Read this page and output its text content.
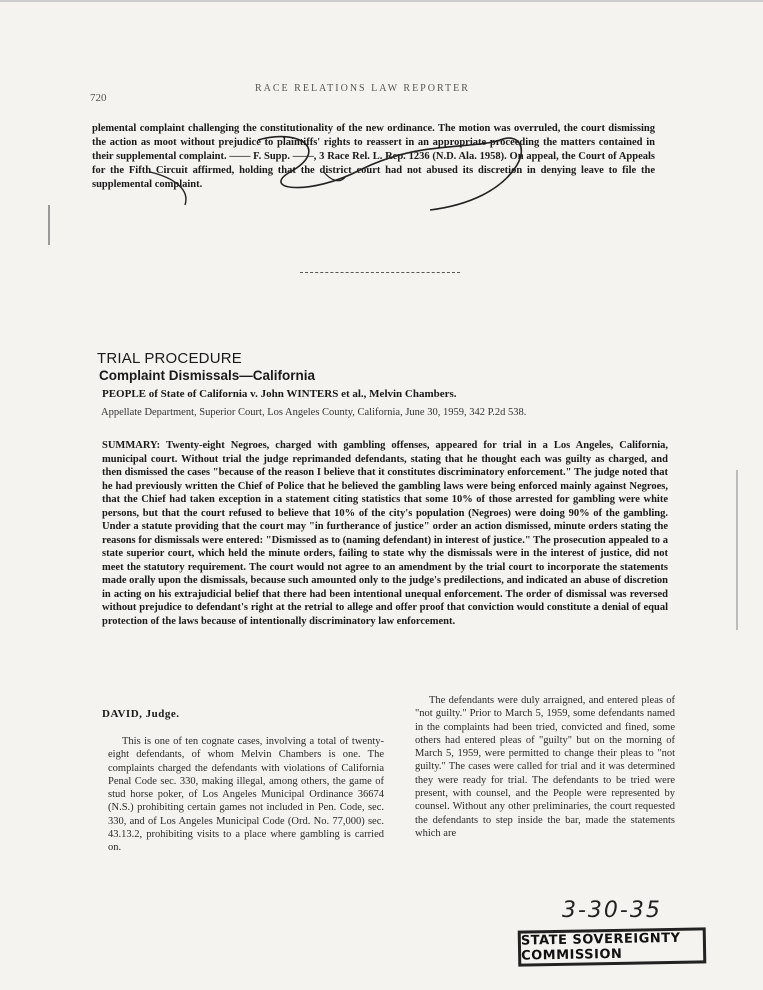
720
RACE RELATIONS LAW REPORTER

plemental complaint challenging the constitutionality of the new ordinance. The motion was overruled, the court dismissing the action as moot without prejudice to plaintiffs' rights to reassert in an appropriate proceeding the matters contained in their supplemental complaint. —— F. Supp. ——, 3 Race Rel. L. Rep. 1236 (N.D. Ala. 1958). On appeal, the Court of Appeals for the Fifth Circuit affirmed, holding that the district court had not abused its discretion in denying leave to file the supplemental complaint.

TRIAL PROCEDURE
Complaint Dismissals—California
PEOPLE of State of California v. John WINTERS et al., Melvin Chambers.
Appellate Department, Superior Court, Los Angeles County, California, June 30, 1959, 342 P.2d 538.

SUMMARY: Twenty-eight Negroes, charged with gambling offenses, appeared for trial in a Los Angeles, California, municipal court. Without trial the judge reprimanded defendants, stating that he thought each was guilty as charged, and then dismissed the cases "because of the reason I believe that it constitutes discriminatory enforcement." The judge noted that he had previously written the Chief of Police that he believed the gambling laws were being enforced mainly against Negroes, that the Chief had taken exception in a statement citing statistics that some 10% of those arrested for gambling were white persons, but that the court refused to believe that 10% of the city's population (Negroes) were doing 90% of the gambling. Under a statute providing that the court may "in furtherance of justice" order an action dismissed, minute orders stating the reasons for dismissals were entered: "Dismissed as to (naming defendant) in interest of justice." The prosecution appealed to a state superior court, which held the minute orders, failing to state why the dismissals were in the interest of justice, did not meet the statutory requirement. The court would not agree to an amendment by the trial court to incorporate the statements made orally upon the dismissals, because such amounted only to the judge's predilections, and indicated an abuse of discretion in acting on his extrajudicial belief that there had been intentional unequal enforcement. The order of dismissal was reversed without prejudice to defendant's right at the retrial to allege and offer proof that conviction would constitute a denial of equal protection of the laws because of intentionally discriminatory law enforcement.

DAVID, Judge.

This is one of ten cognate cases, involving a total of twenty-eight defendants, of whom Melvin Chambers is one. The complaints charged the defendants with violations of California Penal Code sec. 330, making illegal, among others, the game of stud horse poker, of Los Angeles Municipal Ordinance 36674 (N.S.) prohibiting certain games not included in Pen. Code, sec. 330, and of Los Angeles Municipal Code (Ord. No. 77,000) sec. 43.13.2, prohibiting visits to a place where gambling is carried on.

The defendants were duly arraigned, and entered pleas of "not guilty." Prior to March 5, 1959, some defendants named in the complaints had been tried, convicted and fined, some others had entered pleas of "guilty" but on the morning of March 5, 1959, were permitted to change their pleas to "not guilty." The cases were called for trial and it was determined they were ready for trial. The defendants to be tried were present, with counsel, and the People were represented by counsel. Without any other preliminaries, the court requested the defendants to step inside the bar, made the statements which are

3-30-35
STATE SOVEREIGNTY COMMISSION
